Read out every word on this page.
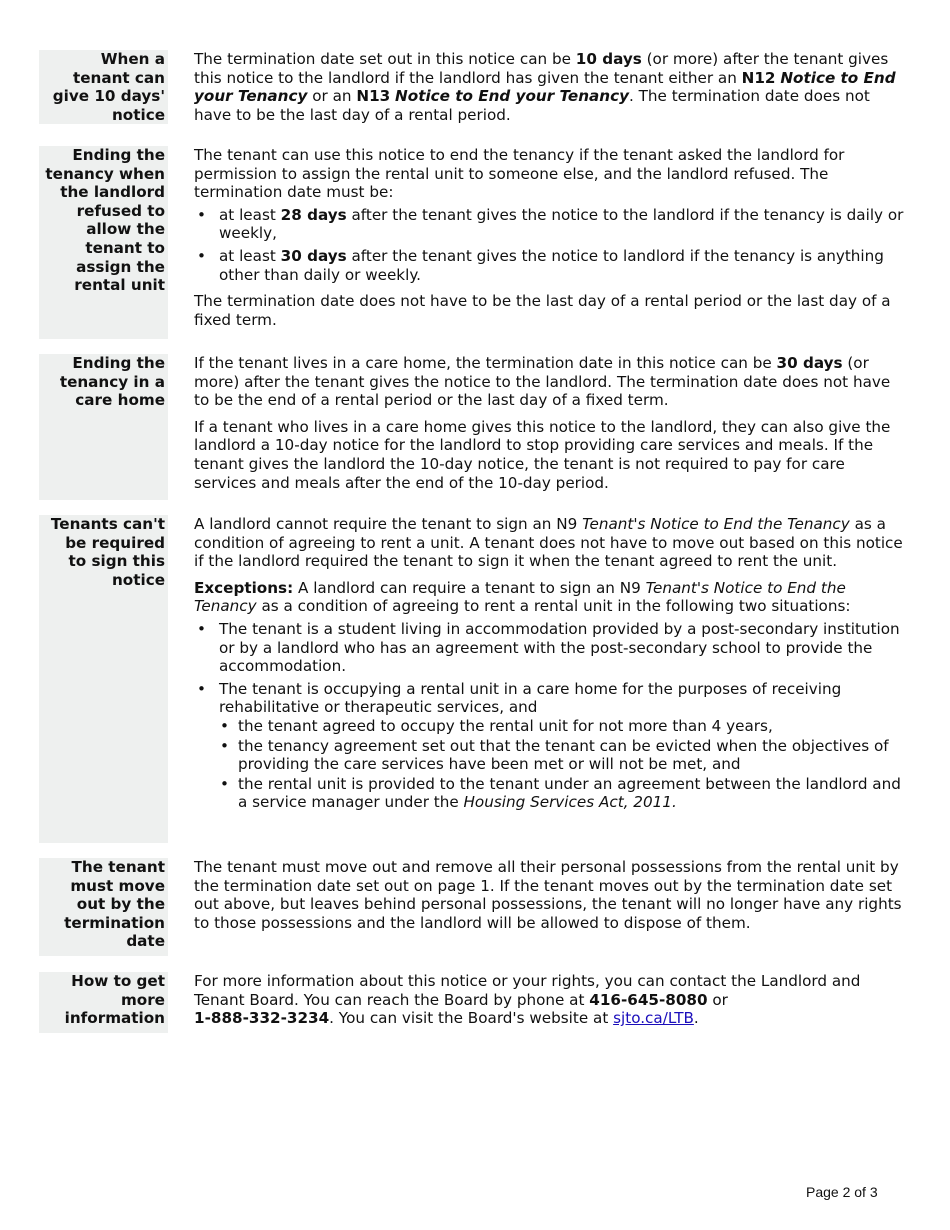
When a tenant can give 10 days' notice

The termination date set out in this notice can be 10 days (or more) after the tenant gives this notice to the landlord if the landlord has given the tenant either an N12 Notice to End your Tenancy or an N13 Notice to End your Tenancy. The termination date does not have to be the last day of a rental period.

Ending the tenancy when the landlord refused to allow the tenant to assign the rental unit

The tenant can use this notice to end the tenancy if the tenant asked the landlord for permission to assign the rental unit to someone else, and the landlord refused. The termination date must be:

• at least 28 days after the tenant gives the notice to the landlord if the tenancy is daily or weekly,
• at least 30 days after the tenant gives the notice to landlord if the tenancy is anything other than daily or weekly.

The termination date does not have to be the last day of a rental period or the last day of a fixed term.

Ending the tenancy in a care home

If the tenant lives in a care home, the termination date in this notice can be 30 days (or more) after the tenant gives the notice to the landlord. The termination date does not have to be the end of a rental period or the last day of a fixed term.

If a tenant who lives in a care home gives this notice to the landlord, they can also give the landlord a 10-day notice for the landlord to stop providing care services and meals. If the tenant gives the landlord the 10-day notice, the tenant is not required to pay for care services and meals after the end of the 10-day period.

Tenants can't be required to sign this notice

A landlord cannot require the tenant to sign an N9 Tenant's Notice to End the Tenancy as a condition of agreeing to rent a unit. A tenant does not have to move out based on this notice if the landlord required the tenant to sign it when the tenant agreed to rent the unit.

Exceptions: A landlord can require a tenant to sign an N9 Tenant's Notice to End the Tenancy as a condition of agreeing to rent a rental unit in the following two situations:

• The tenant is a student living in accommodation provided by a post-secondary institution or by a landlord who has an agreement with the post-secondary school to provide the accommodation.
• The tenant is occupying a rental unit in a care home for the purposes of receiving rehabilitative or therapeutic services, and
• the tenant agreed to occupy the rental unit for not more than 4 years,
• the tenancy agreement set out that the tenant can be evicted when the objectives of providing the care services have been met or will not be met, and
• the rental unit is provided to the tenant under an agreement between the landlord and a service manager under the Housing Services Act, 2011.
The tenant must move out by the termination date

The tenant must move out and remove all their personal possessions from the rental unit by the termination date set out on page 1. If the tenant moves out by the termination date set out above, but leaves behind personal possessions, the tenant will no longer have any rights to those possessions and the landlord will be allowed to dispose of them.

How to get more information

For more information about this notice or your rights, you can contact the Landlord and Tenant Board. You can reach the Board by phone at 416-645-8080 or
1-888-332-3234. You can visit the Board's website at sjto.ca/LTB.

Page 2 of 3
